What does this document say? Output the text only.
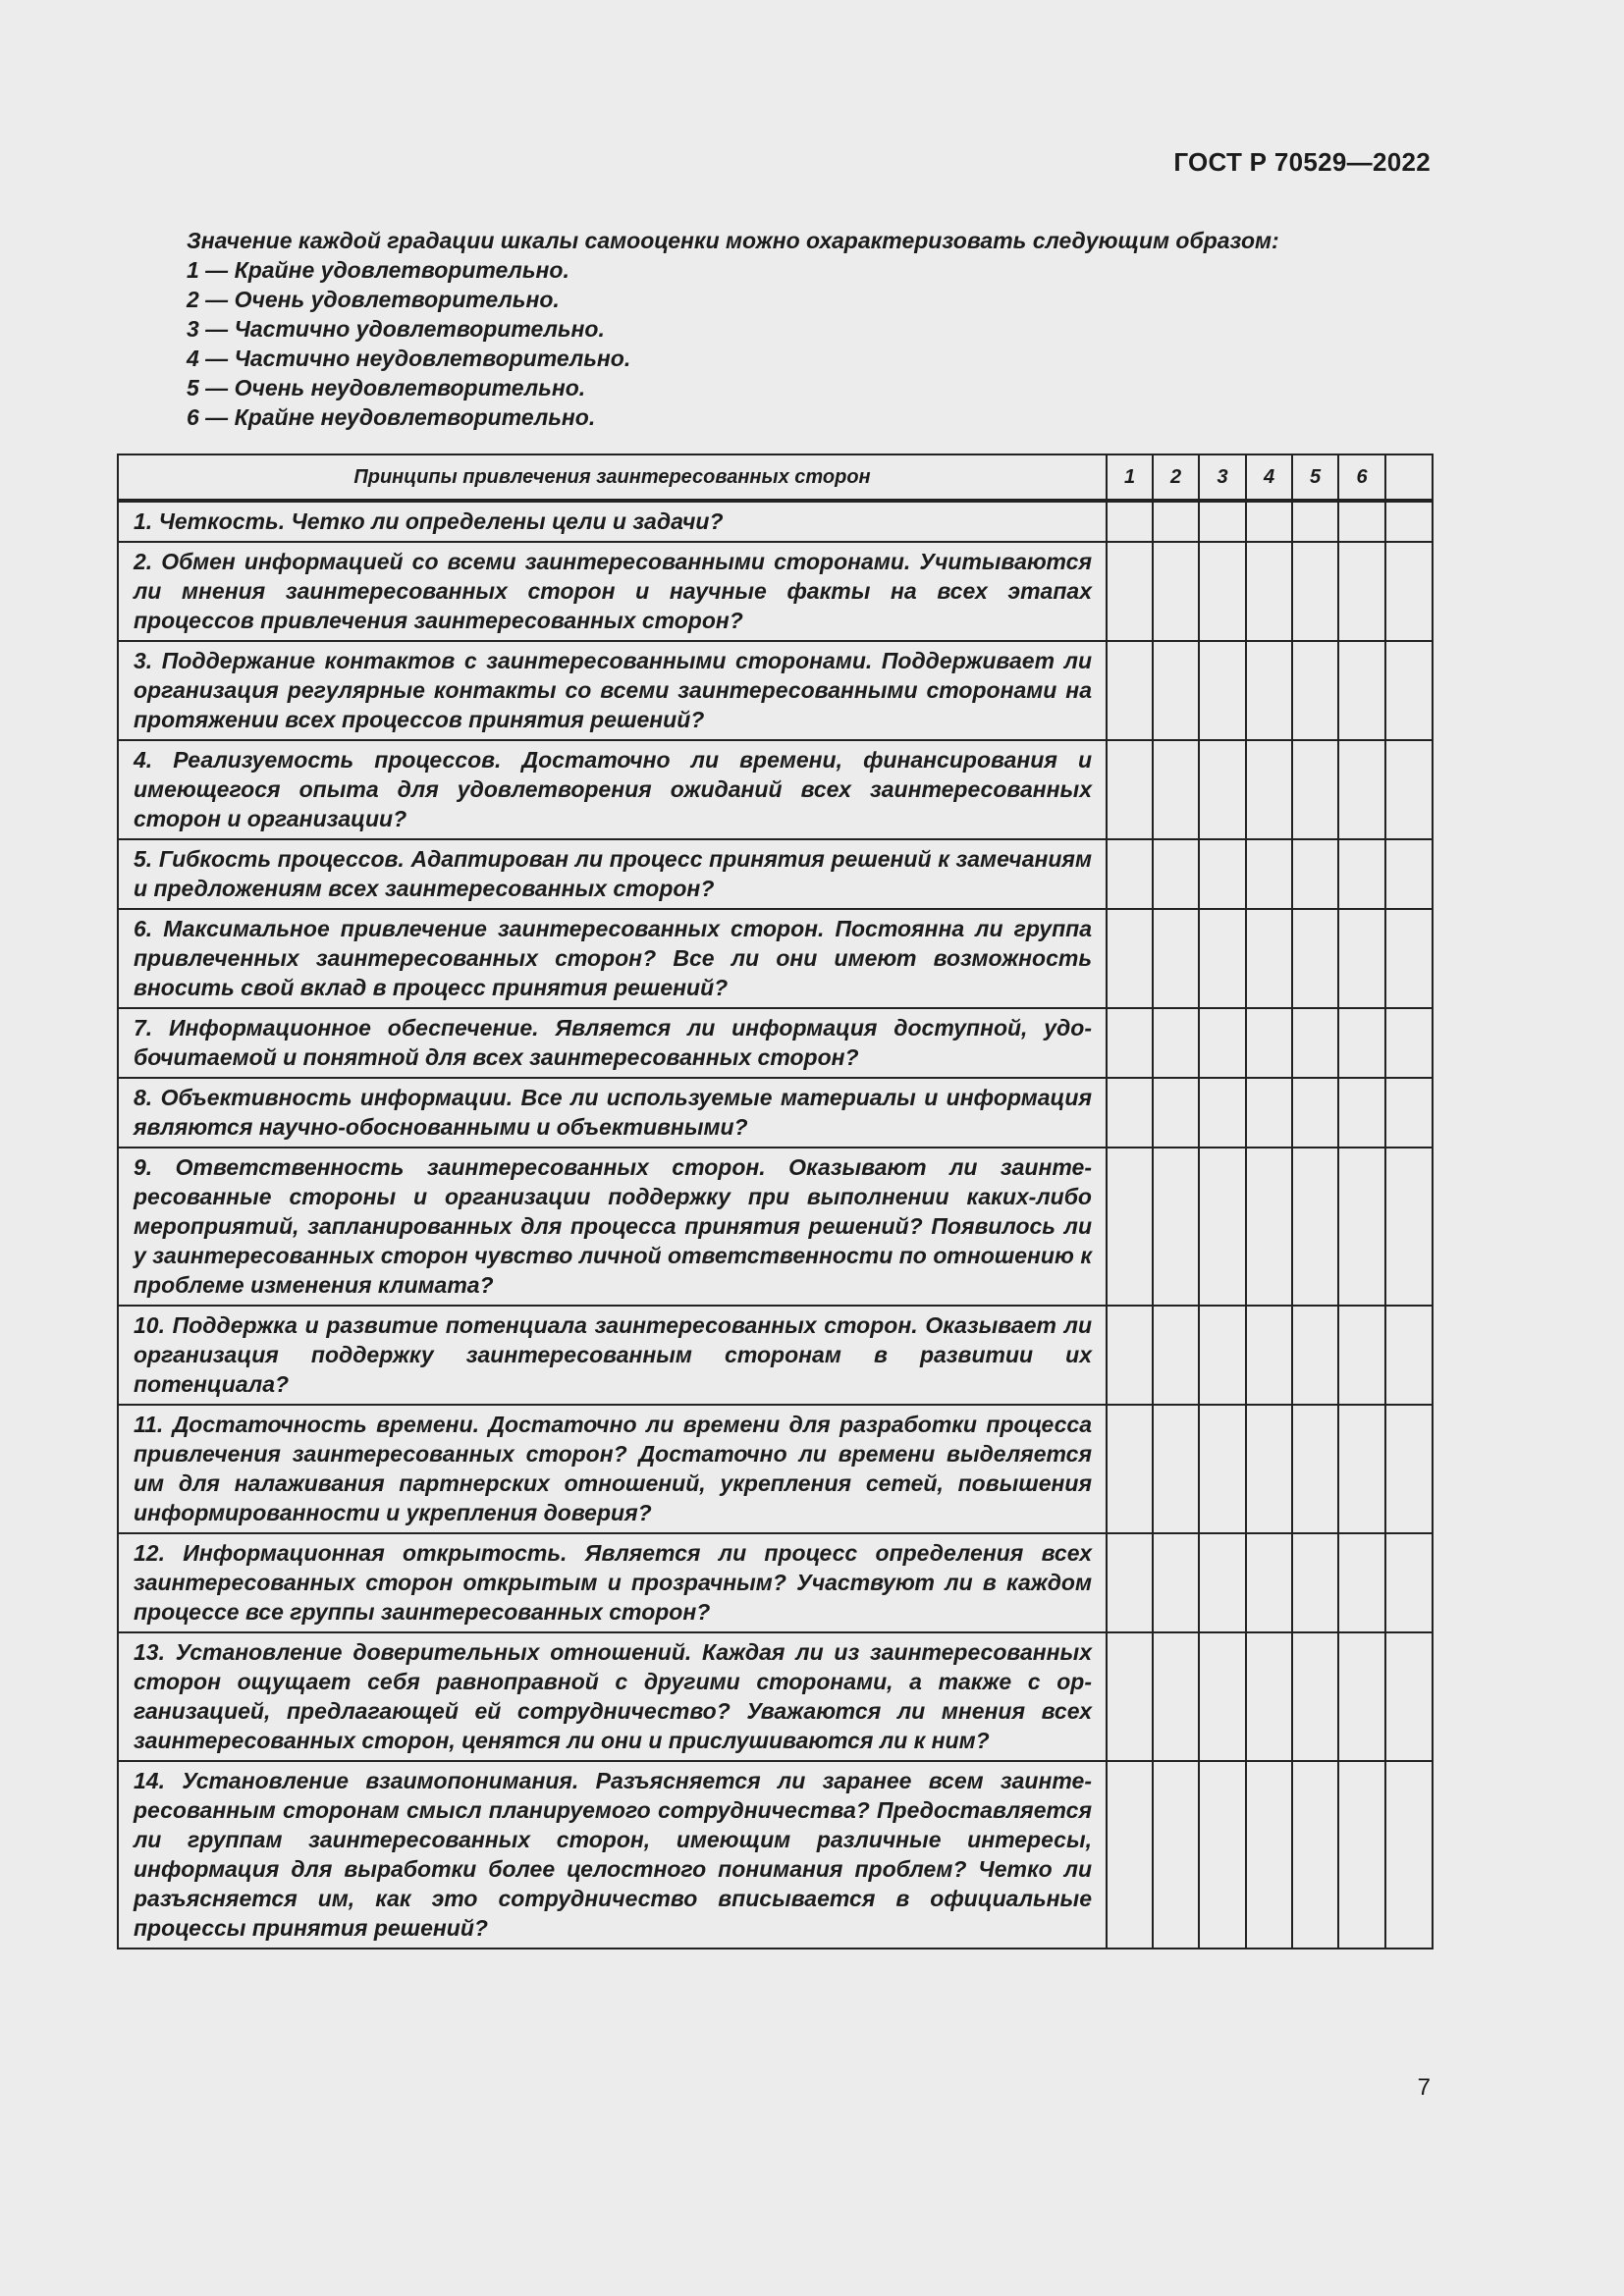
ГОСТ Р 70529—2022
Значение каждой градации шкалы самооценки можно охарактеризовать следующим образом:
1 — Крайне удовлетворительно.
2 — Очень удовлетворительно.
3 — Частично удовлетворительно.
4 — Частично неудовлетворительно.
5 — Очень неудовлетворительно.
6 — Крайне неудовлетворительно.
Принципы привлечения заинтересованных сторон	1	2	3	4	5	6	
1. Четкость. Четко ли определены цели и задачи?							
2. Обмен информацией со всеми заинтересованными сторонами. Учитываются ли мнения заинтересованных сторон и научные факты на всех этапах процессов привлечения заинтересованных сторон?							
3. Поддержание контактов с заинтересованными сторонами. Поддерживает ли организация регулярные контакты со всеми заинтересованными сторонами на протяжении всех процессов принятия решений?							
4. Реализуемость процессов. Достаточно ли времени, финансирования и имеющегося опыта для удовлетворения ожиданий всех заинтересованных сторон и организации?							
5. Гибкость процессов. Адаптирован ли процесс принятия решений к замечаниям и предложениям всех заинтересованных сторон?							
6. Максимальное привлечение заинтересованных сторон. Постоянна ли группа привлеченных заинтересованных сторон? Все ли они имеют возможность вносить свой вклад в процесс принятия решений?							
7. Информационное обеспечение. Является ли информация доступной, удобочитаемой и понятной для всех заинтересованных сторон?							
8. Объективность информации. Все ли используемые материалы и информация являются научно-обоснованными и объективными?							
9. Ответственность заинтересованных сторон. Оказывают ли заинтересованные стороны и организации поддержку при выполнении каких-либо мероприятий, запланированных для процесса принятия решений? Появилось ли у заинтересованных сторон чувство личной ответственности по отношению к проблеме изменения климата?							
10. Поддержка и развитие потенциала заинтересованных сторон. Оказывает ли организация поддержку заинтересованным сторонам в развитии их потенциала?							
11. Достаточность времени. Достаточно ли времени для разработки процесса привлечения заинтересованных сторон? Достаточно ли времени выделяется им для налаживания партнерских отношений, укрепления сетей, повышения информированности и укрепления доверия?							
12. Информационная открытость. Является ли процесс определения всех заинтересованных сторон открытым и прозрачным? Участвуют ли в каждом процессе все группы заинтересованных сторон?							
13. Установление доверительных отношений. Каждая ли из заинтересованных сторон ощущает себя равноправной с другими сторонами, а также с организацией, предлагающей ей сотрудничество? Уважаются ли мнения всех заинтересованных сторон, ценятся ли они и прислушиваются ли к ним?							
14. Установление взаимопонимания. Разъясняется ли заранее всем заинтересованным сторонам смысл планируемого сотрудничества? Предоставляется ли группам заинтересованных сторон, имеющим различные интересы, информация для выработки более целостного понимания проблем? Четко ли разъясняется им, как это сотрудничество вписывается в официальные процессы принятия решений?							
7
